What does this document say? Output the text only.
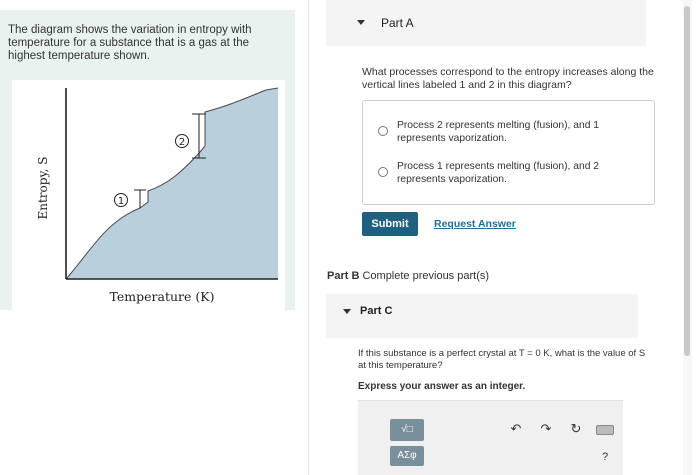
The diagram shows the variation in entropy with temperature for a substance that is a gas at the highest temperature shown.
1
2
Entropy, S
Temperature (K)
Part A
What processes correspond to the entropy increases along the vertical lines labeled 1 and 2 in this diagram?
Process 2 represents melting (fusion), and 1 represents vaporization.
Process 1 represents melting (fusion), and 2 represents vaporization.
Submit	Request Answer
Part B Complete previous part(s)
Part C
If this substance is a perfect crystal at T = 0 K, what is the value of S at this temperature?
Express your answer as an integer.
√□
ΑΣφ
↶ ↷ ↻
?
